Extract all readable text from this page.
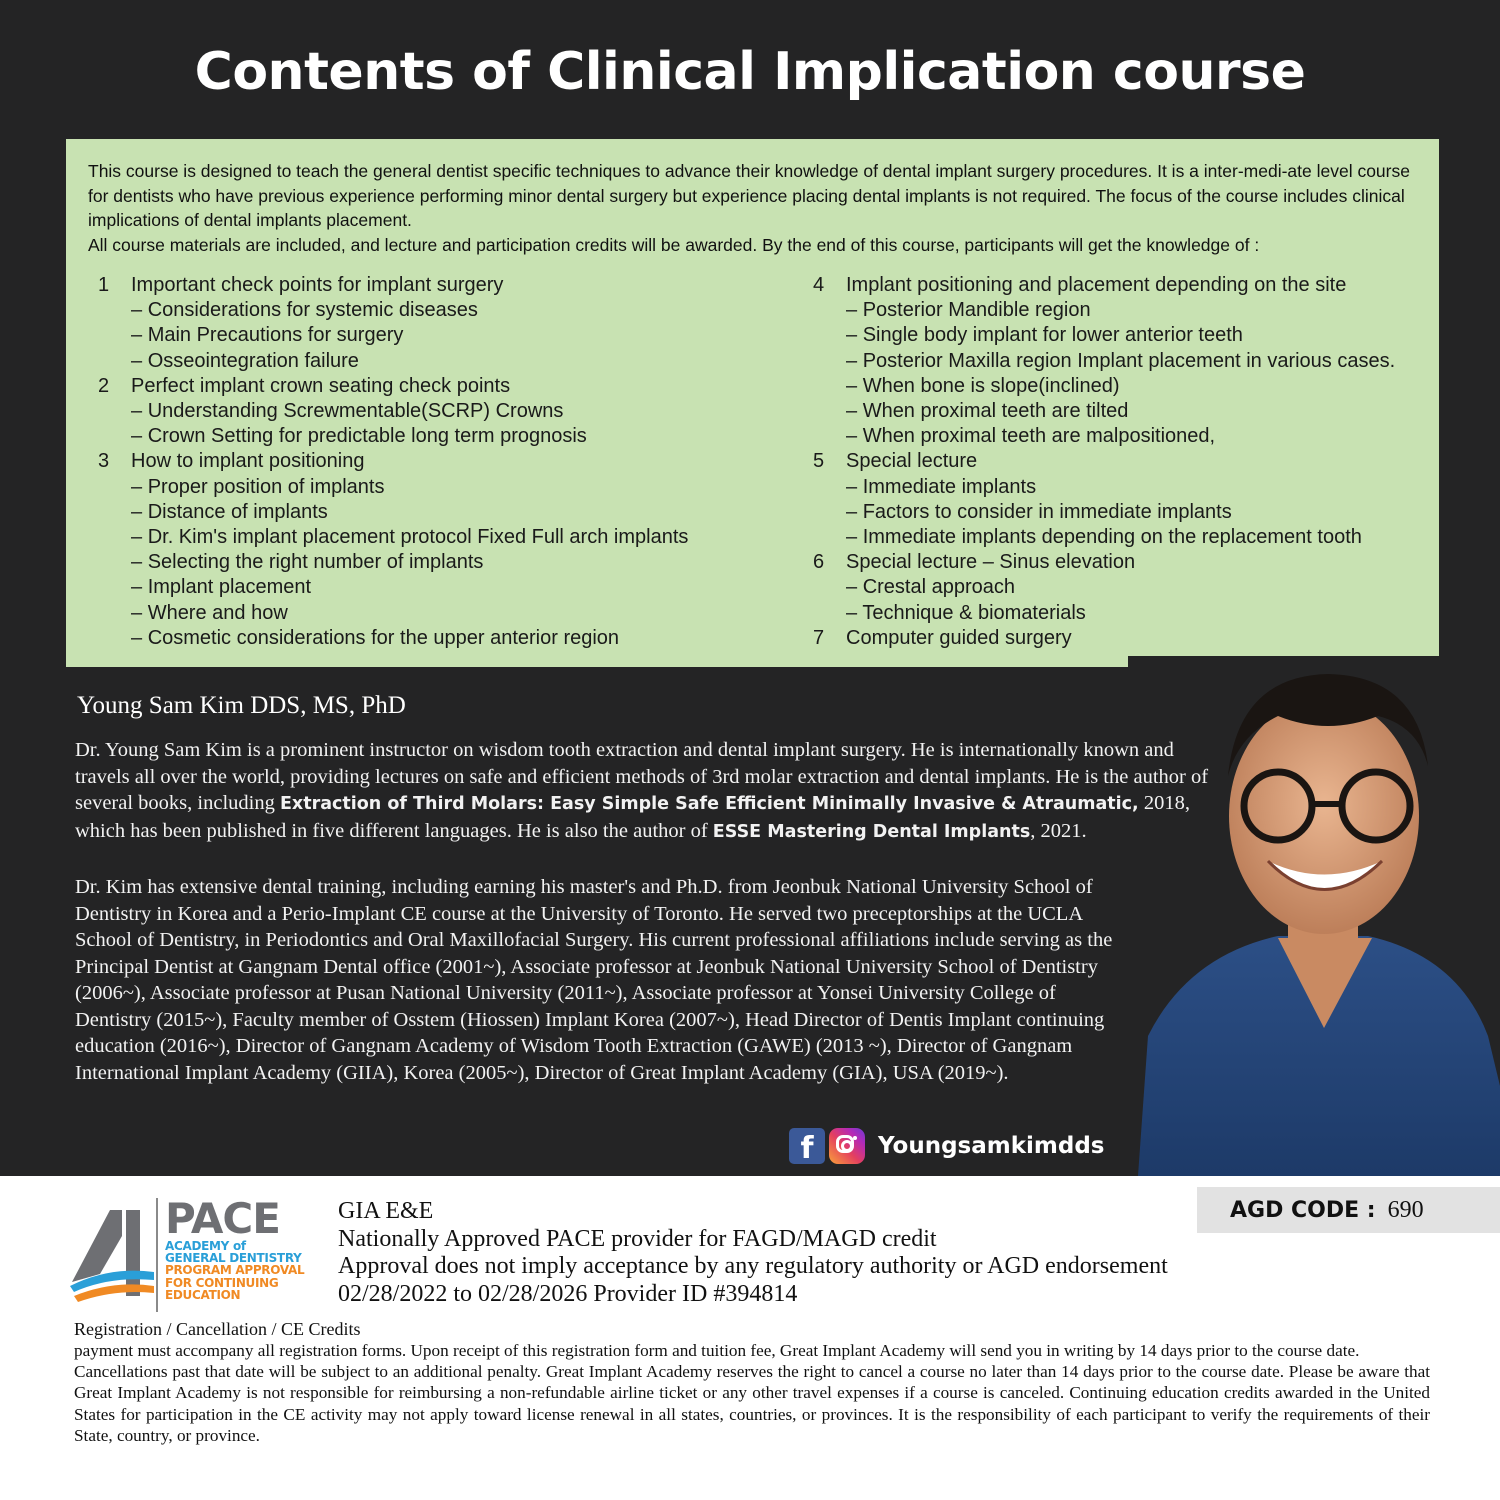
Contents of Clinical Implication course

This course is designed to teach the general dentist specific techniques to advance their knowledge of dental implant surgery procedures. It is a inter-medi-ate level course for dentists who have previous experience performing minor dental surgery but experience placing dental implants is not required. The focus of the course includes clinical implications of dental implants placement.

All course materials are included, and lecture and participation credits will be awarded. By the end of this course, participants will get the knowledge of :

1 Important check points for implant surgery
– Considerations for systemic diseases
– Main Precautions for surgery
– Osseointegration failure
2 Perfect implant crown seating check points
– Understanding Screwmentable(SCRP) Crowns
– Crown Setting for predictable long term prognosis
3 How to implant positioning
– Proper position of implants
– Distance of implants
– Dr. Kim's implant placement protocol Fixed Full arch implants
– Selecting the right number of implants
– Implant placement
– Where and how
– Cosmetic considerations for the upper anterior region
4 Implant positioning and placement depending on the site
– Posterior Mandible region
– Single body implant for lower anterior teeth
– Posterior Maxilla region Implant placement in various cases.
– When bone is slope(inclined)
– When proximal teeth are tilted
– When proximal teeth are malpositioned,
5 Special lecture
– Immediate implants
– Factors to consider in immediate implants
– Immediate implants depending on the replacement tooth
6 Special lecture – Sinus elevation
– Crestal approach
– Technique & biomaterials
7 Computer guided surgery
Young Sam Kim DDS, MS, PhD

Dr. Young Sam Kim is a prominent instructor on wisdom tooth extraction and dental implant surgery. He is internationally known and travels all over the world, providing lectures on safe and efficient methods of 3rd molar extraction and dental implants. He is the author of several books, including Extraction of Third Molars: Easy Simple Safe Efficient Minimally Invasive & Atraumatic, 2018, which has been published in five different languages. He is also the author of ESSE Mastering Dental Implants, 2021.

Dr. Kim has extensive dental training, including earning his master's and Ph.D. from Jeonbuk National University School of Dentistry in Korea and a Perio-Implant CE course at the University of Toronto. He served two preceptorships at the UCLA School of Dentistry, in Periodontics and Oral Maxillofacial Surgery. His current professional affiliations include serving as the Principal Dentist at Gangnam Dental office (2001~), Associate professor at Jeonbuk National University School of Dentistry (2006~), Associate professor at Pusan National University (2011~), Associate professor at Yonsei University College of Dentistry (2015~), Faculty member of Osstem (Hiossen) Implant Korea (2007~), Head Director of Dentis Implant continuing education (2016~), Director of Gangnam Academy of Wisdom Tooth Extraction (GAWE) (2013 ~), Director of Gangnam International Implant Academy (GIIA), Korea (2005~), Director of Great Implant Academy (GIA), USA (2019~).

f	Youngsamkimdds
PACE
ACADEMY of
GENERAL DENTISTRY
PROGRAM APPROVAL
FOR CONTINUING
EDUCATION

GIA E&E

Nationally Approved PACE provider for FAGD/MAGD credit

Approval does not imply acceptance by any regulatory authority or AGD endorsement

02/28/2022 to 02/28/2026 Provider ID #394814

AGD CODE : 690
Registration / Cancellation / CE Credits

payment must accompany all registration forms. Upon receipt of this registration form and tuition fee, Great Implant Academy will send you in writing by 14 days prior to the course date.

Cancellations past that date will be subject to an additional penalty. Great Implant Academy reserves the right to cancel a course no later than 14 days prior to the course date. Please be aware that Great Implant Academy is not responsible for reimbursing a non-refundable airline ticket or any other travel expenses if a course is canceled. Continuing education credits awarded in the United States for participation in the CE activity may not apply toward license renewal in all states, countries, or provinces. It is the responsibility of each participant to verify the requirements of their State, country, or province.
